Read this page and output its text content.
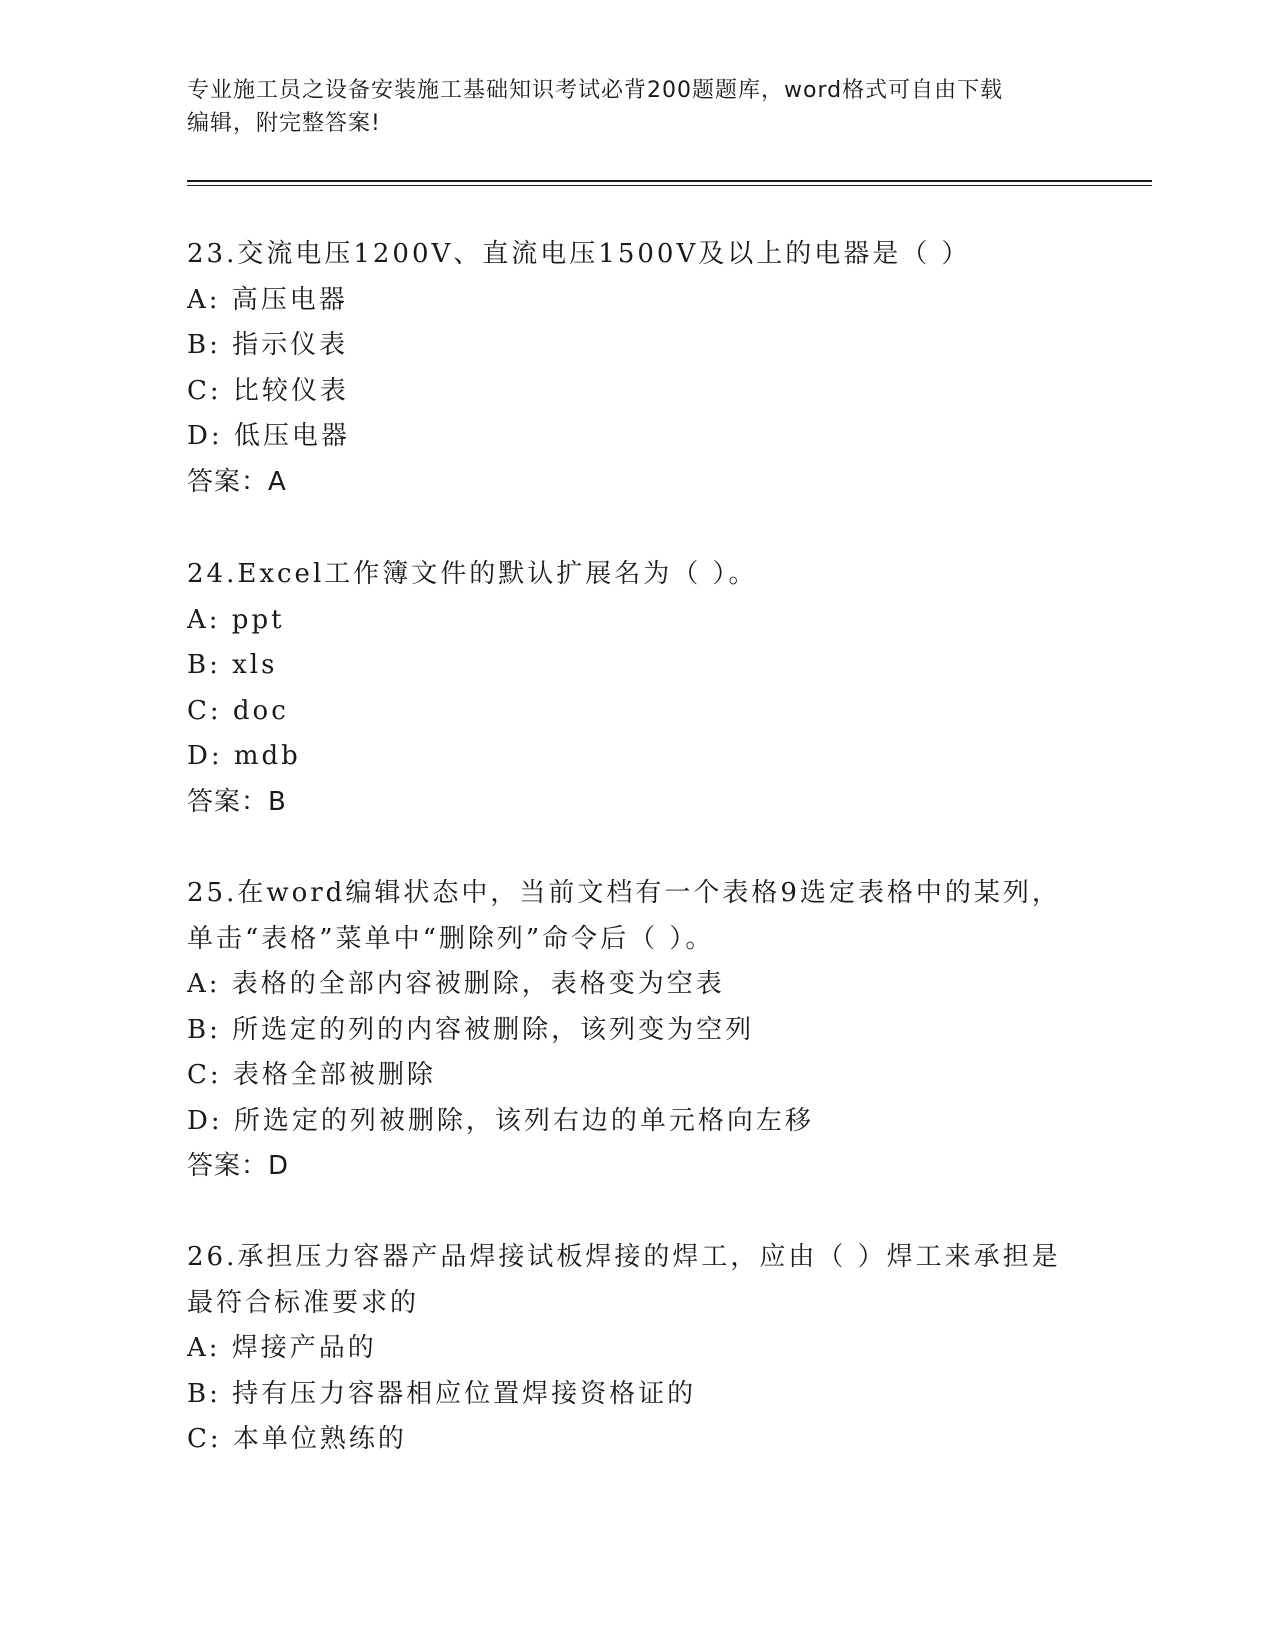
专业施工员之设备安装施工基础知识考试必背200题题库，word格式可自由下载
编辑，附完整答案!
23.交流电压1200V、直流电压1500V及以上的电器是（ ）
A: 高压电器
B: 指示仪表
C: 比较仪表
D: 低压电器
答案：A
24.Excel工作簿文件的默认扩展名为（ ）。
A: ppt
B: xls
C: doc
D: mdb
答案：B
25.在word编辑状态中，当前文档有一个表格9选定表格中的某列，
单击“表格”菜单中“删除列”命令后（ ）。
A: 表格的全部内容被删除，表格变为空表
B: 所选定的列的内容被删除，该列变为空列
C: 表格全部被删除
D: 所选定的列被删除，该列右边的单元格向左移
答案：D
26.承担压力容器产品焊接试板焊接的焊工，应由（ ）焊工来承担是
最符合标准要求的
A: 焊接产品的
B: 持有压力容器相应位置焊接资格证的
C: 本单位熟练的
